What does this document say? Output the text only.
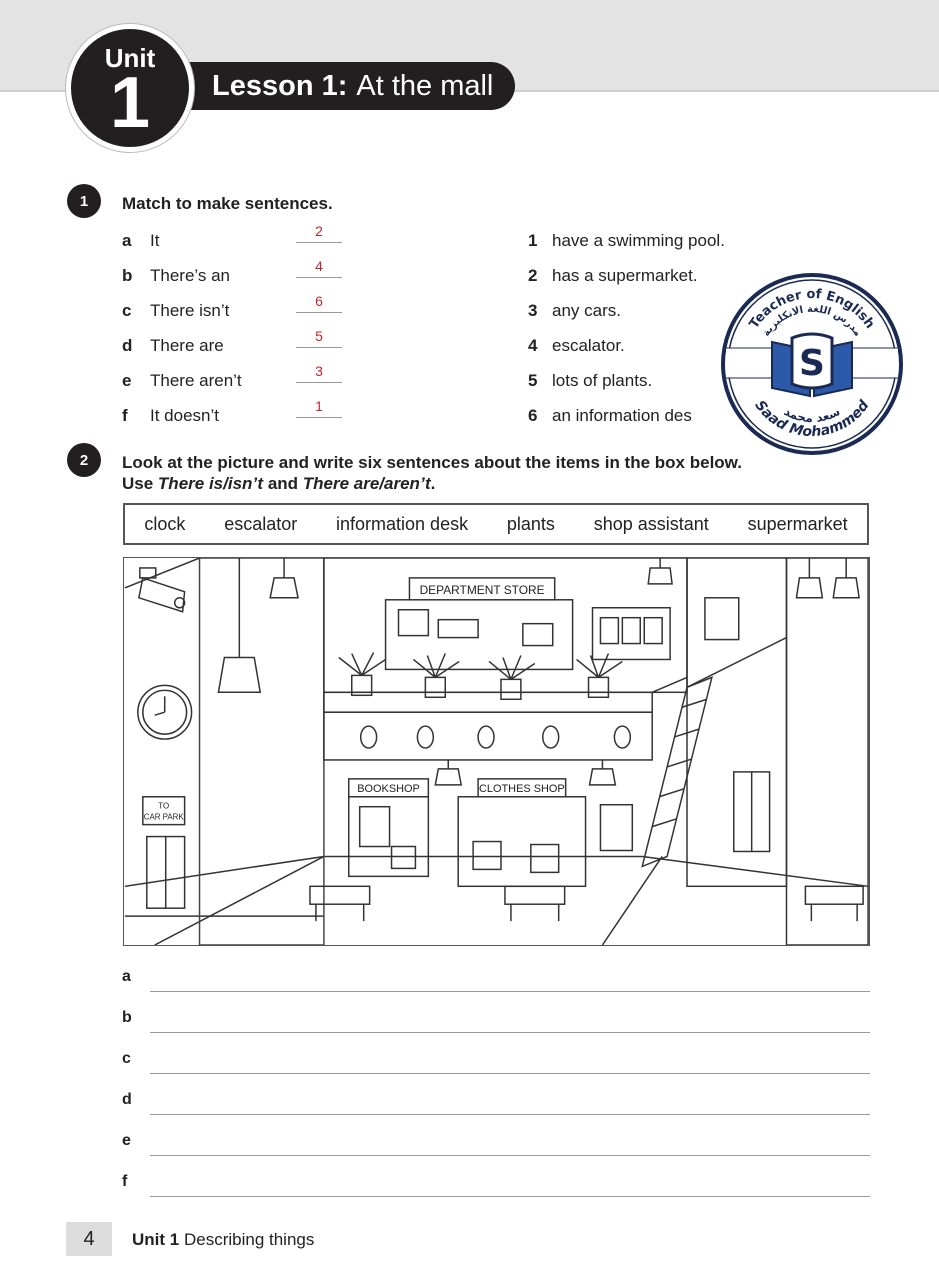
Lesson 1: At the mall
Unit
1
1	Match to make sentences.
a It	2
b There’s an	4
c There isn’t	6
d There are	5
e There aren’t	3
f It doesn’t	1
1 have a swimming pool.
2 has a supermarket.
3 any cars.
4 escalator.
5 lots of plants.
6 an information des
Teacher of English
مدرس اللغة الانكليزية
Saad Mohammed
سعد محمد
S
2	Look at the picture and write six sentences about the items in the box below.
Use There is/isn’t and There are/aren’t.
clock escalator information desk plants shop assistant supermarket
DEPARTMENT STORE
TO
CAR PARK
BOOKSHOP	CLOTHES SHOP
a
b
c
d
e
f
4	Unit 1 Describing things
